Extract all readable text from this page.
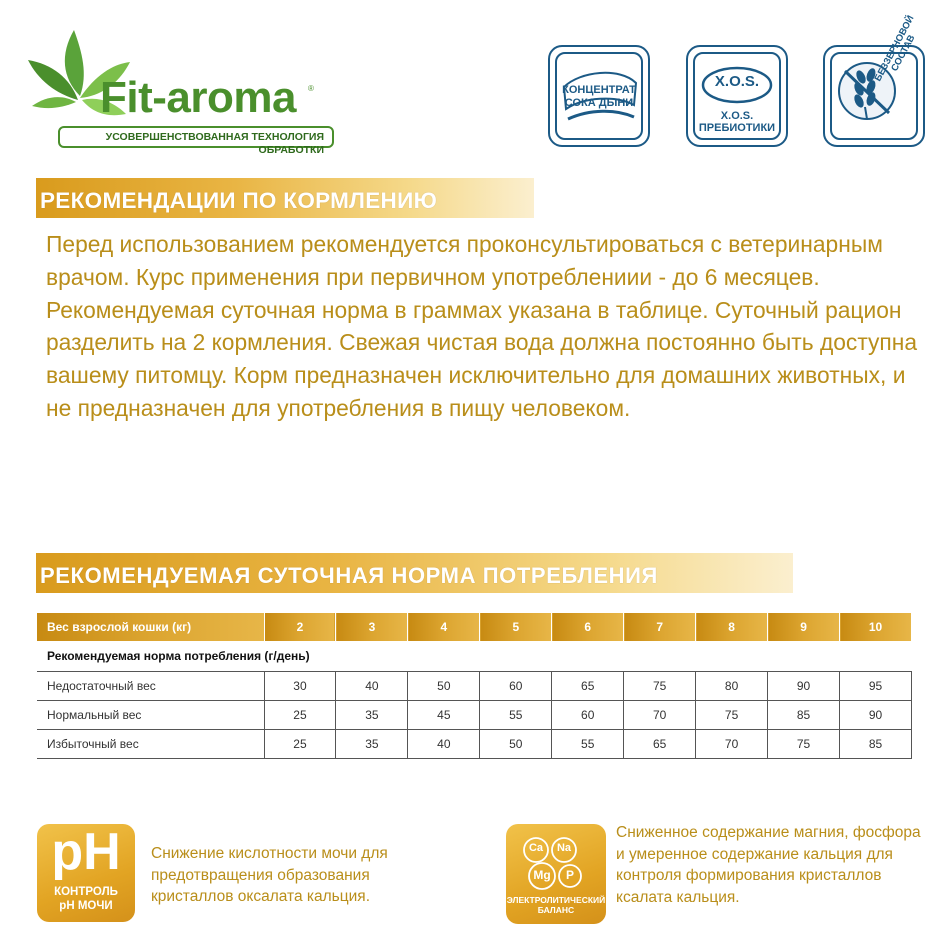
Fit-aroma ®
УСОВЕРШЕНСТВОВАННАЯ ТЕХНОЛОГИЯ ОБРАБОТКИ
КОНЦЕНТРАТ
СОКА ДЫНИ
X.O.S.
X.O.S.
ПРЕБИОТИКИ
БЕЗЗЕРНОВОЙ СОСТАВ
РЕКОМЕНДАЦИИ ПО КОРМЛЕНИЮ
Перед использованием рекомендуется проконсультироваться с ветеринарным врачом. Курс применения при первичном употреблениии - до 6 месяцев. Рекомендуемая суточная норма в граммах указана в таблице. Суточный рацион разделить на 2 кормления. Свежая чистая вода должна постоянно быть доступна вашему питомцу. Корм предназначен исключительно для домашних животных, и не предназначен для употребления в пищу человеком.
РЕКОМЕНДУЕМАЯ СУТОЧНАЯ НОРМА ПОТРЕБЛЕНИЯ
Вес взрослой кошки (кг)	2	3	4	5	6	7	8	9	10
Рекомендуемая норма потребления (г/день)									
Недостаточный вес	30	40	50	60	65	75	80	90	95
Нормальный вес	25	35	45	55	60	70	75	85	90
Избыточный вес	25	35	40	50	55	65	70	75	85
pH
КОНТРОЛЬ
pH МОЧИ
Снижение кислотности мочи для предотвращения образования кристаллов оксалата кальция.
Ca	Na
Mg	P
ЭЛЕКТРОЛИТИЧЕСКИЙ
БАЛАНС
Сниженное содержание магния, фосфора и умеренное содержание кальция для контроля формирования кристаллов ксалата кальция.
